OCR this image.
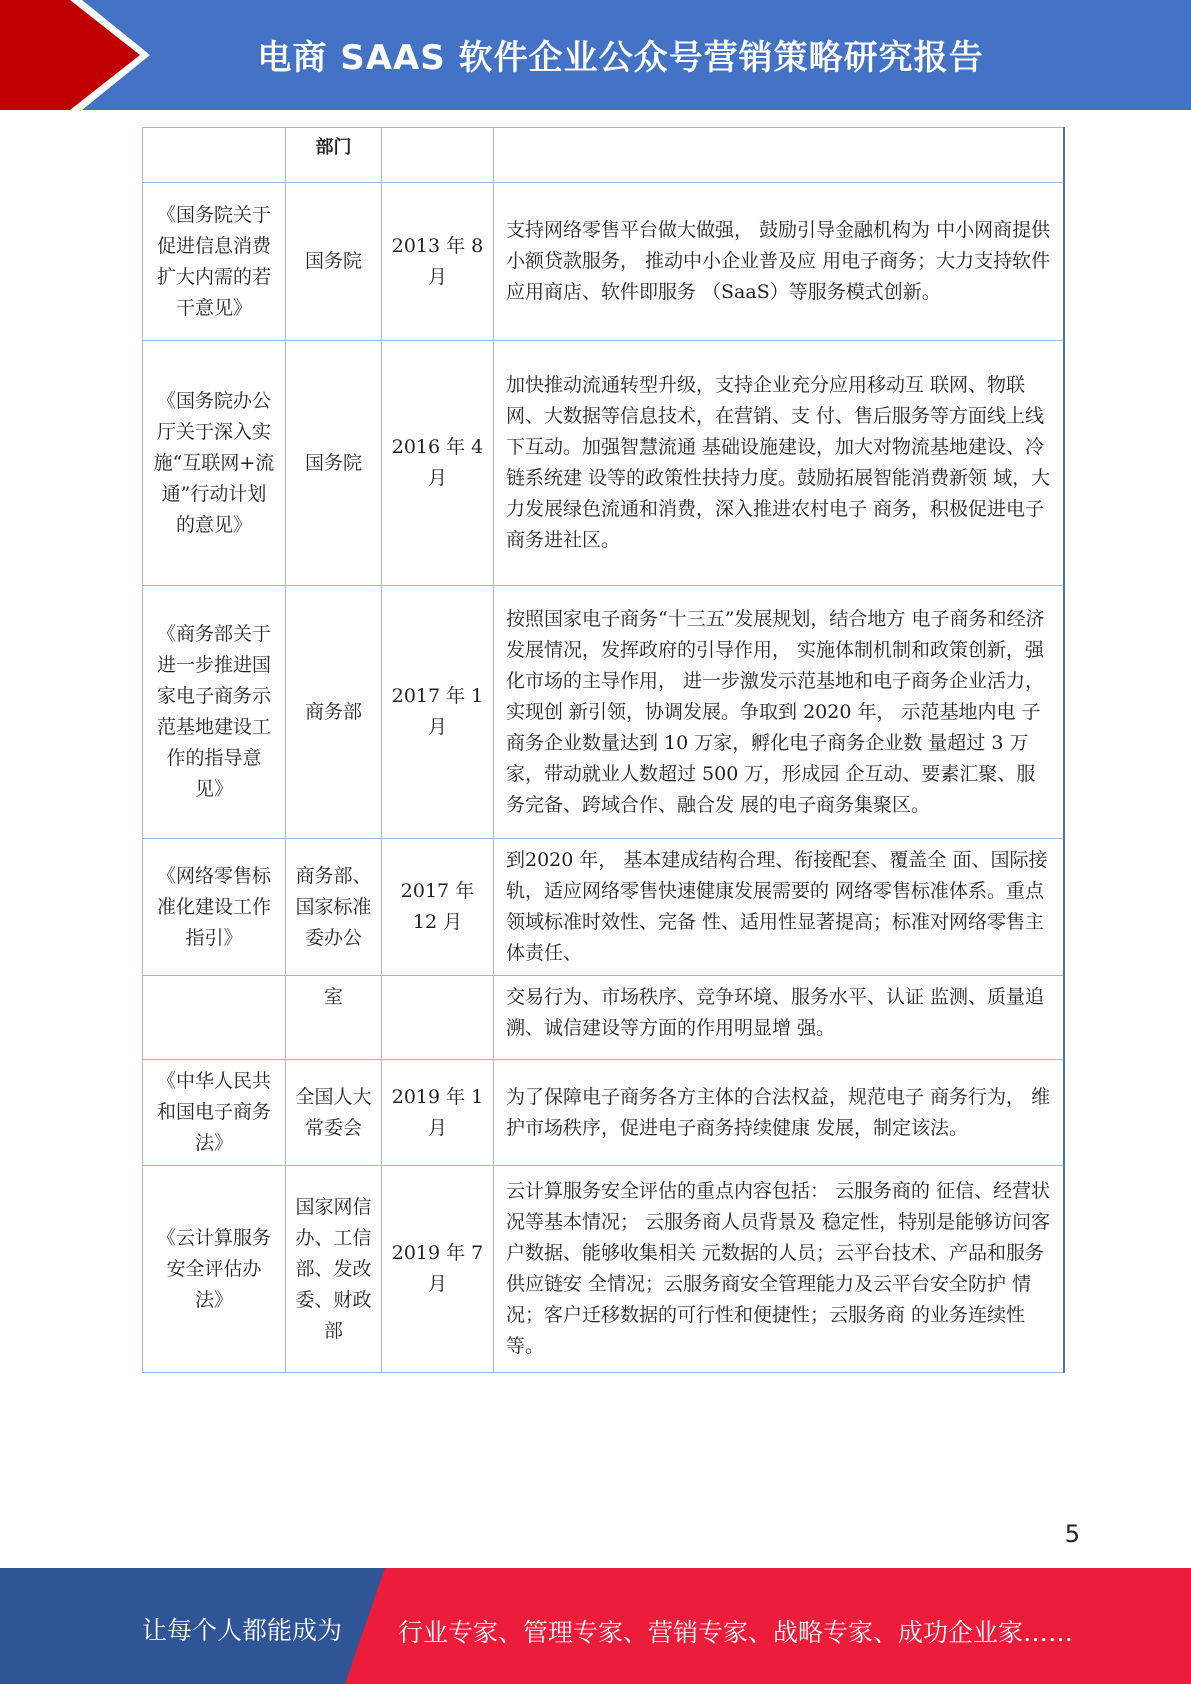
电商 SAAS 软件企业公众号营销策略研究报告
	部门		
《国务院关于促进信息消费扩大内需的若干意见》	国务院	2013 年 8 月	支持网络零售平台做大做强， 鼓励引导金融机构为 中小网商提供小额贷款服务， 推动中小企业普及应 用电子商务；大力支持软件应用商店、软件即服务 （SaaS）等服务模式创新。
《国务院办公厅关于深入实施“互联网+流通”行动计划的意见》	国务院	2016 年 4 月	加快推动流通转型升级，支持企业充分应用移动互 联网、物联网、大数据等信息技术，在营销、支 付、售后服务等方面线上线下互动。加强智慧流通 基础设施建设，加大对物流基地建设、冷链系统建 设等的政策性扶持力度。鼓励拓展智能消费新领 域，大力发展绿色流通和消费，深入推进农村电子 商务，积极促进电子商务进社区。
《商务部关于进一步推进国家电子商务示范基地建设工作的指导意见》	商务部	2017 年 1 月	按照国家电子商务“十三五”发展规划，结合地方 电子商务和经济发展情况，发挥政府的引导作用， 实施体制机制和政策创新，强化市场的主导作用， 进一步激发示范基地和电子商务企业活力，实现创 新引领，协调发展。争取到 2020 年， 示范基地内电 子商务企业数量达到 10 万家，孵化电子商务企业数 量超过 3 万家，带动就业人数超过 500 万，形成园 企互动、要素汇聚、服务完备、跨域合作、融合发 展的电子商务集聚区。
《网络零售标准化建设工作指引》	商务部、国家标准委办公	2017 年 12 月	到2020 年， 基本建成结构合理、衔接配套、覆盖全 面、国际接轨，适应网络零售快速健康发展需要的 网络零售标准体系。重点领域标准时效性、完备 性、适用性显著提高；标准对网络零售主体责任、
	室		交易行为、市场秩序、竞争环境、服务水平、认证 监测、质量追溯、诚信建设等方面的作用明显增 强。
《中华人民共和国电子商务法》	全国人大常委会	2019 年 1 月	为了保障电子商务各方主体的合法权益，规范电子 商务行为， 维护市场秩序，促进电子商务持续健康 发展，制定该法。
《云计算服务安全评估办法》	国家网信办、工信部、发改委、财政部	2019 年 7 月	云计算服务安全评估的重点内容包括： 云服务商的 征信、经营状况等基本情况； 云服务商人员背景及 稳定性，特别是能够访问客户数据、能够收集相关 元数据的人员；云平台技术、产品和服务供应链安 全情况；云服务商安全管理能力及云平台安全防护 情况；客户迁移数据的可行性和便捷性；云服务商 的业务连续性等。
5
让每个人都能成为 行业专家、管理专家、营销专家、战略专家、成功企业家……
